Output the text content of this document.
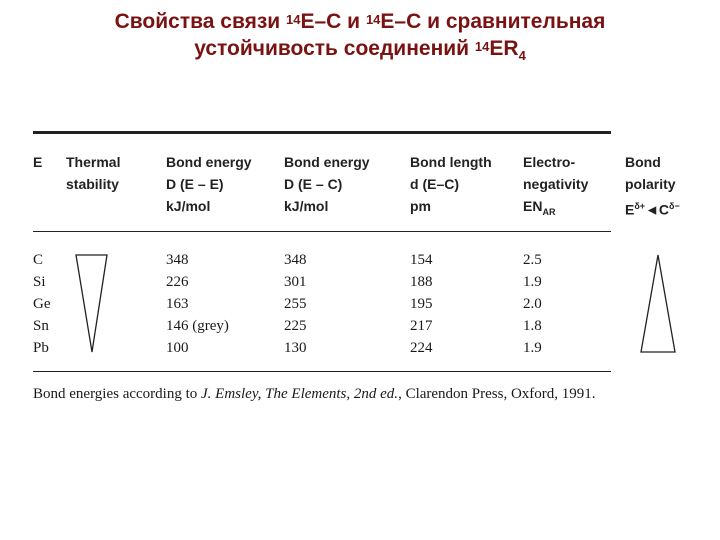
Свойства связи $^{14}$E–C и $^{14}$E–C и сравнительная
устойчивость соединений $^{14}ER_4$
E Thermal
stability
Bond energy
D (E – E)
kJ/mol
Bond energy
D (E – C)
kJ/mol
Bond length
d (E–C)
pm
Electro-
negativity
$EN_{AR}$
Bond
polarity
$E^{\delta+}◄C^{\delta-}$
C
Si
Ge
Sn
Pb
348
226
163
146 (grey)
100
348
301
255
225
130
154
188
195
217
224
2.5
1.9
2.0
1.8
1.9
Bond energies according to J. Emsley, The Elements, 2nd ed., Clarendon Press, Oxford, 1991.
